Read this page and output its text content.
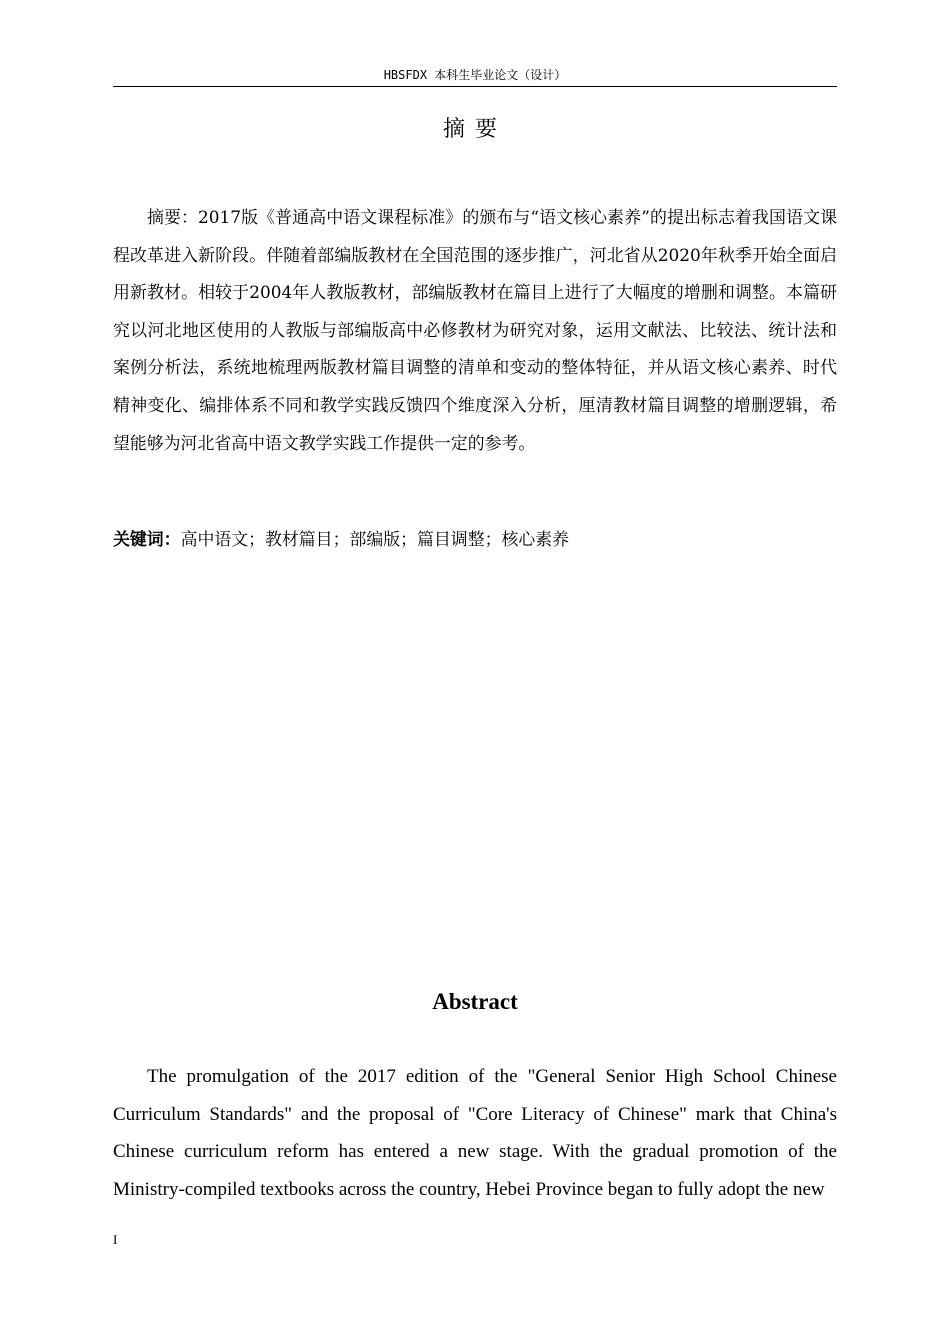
HBSFDX 本科生毕业论文（设计）
摘要
摘要：2017版《普通高中语文课程标准》的颁布与“语文核心素养”的提出标志着我国语文课程改革进入新阶段。伴随着部编版教材在全国范围的逐步推广，河北省从2020年秋季开始全面启用新教材。相较于2004年人教版教材，部编版教材在篇目上进行了大幅度的增删和调整。本篇研究以河北地区使用的人教版与部编版高中必修教材为研究对象，运用文献法、比较法、统计法和案例分析法，系统地梳理两版教材篇目调整的清单和变动的整体特征，并从语文核心素养、时代精神变化、编排体系不同和教学实践反馈四个维度深入分析，厘清教材篇目调整的增删逻辑，希望能够为河北省高中语文教学实践工作提供一定的参考。
关键词：高中语文；教材篇目；部编版；篇目调整；核心素养
Abstract
The promulgation of the 2017 edition of the "General Senior High School Chinese Curriculum Standards" and the proposal of "Core Literacy of Chinese" mark that China's Chinese curriculum reform has entered a new stage. With the gradual promotion of the Ministry-compiled textbooks across the country, Hebei Province began to fully adopt the new
I
